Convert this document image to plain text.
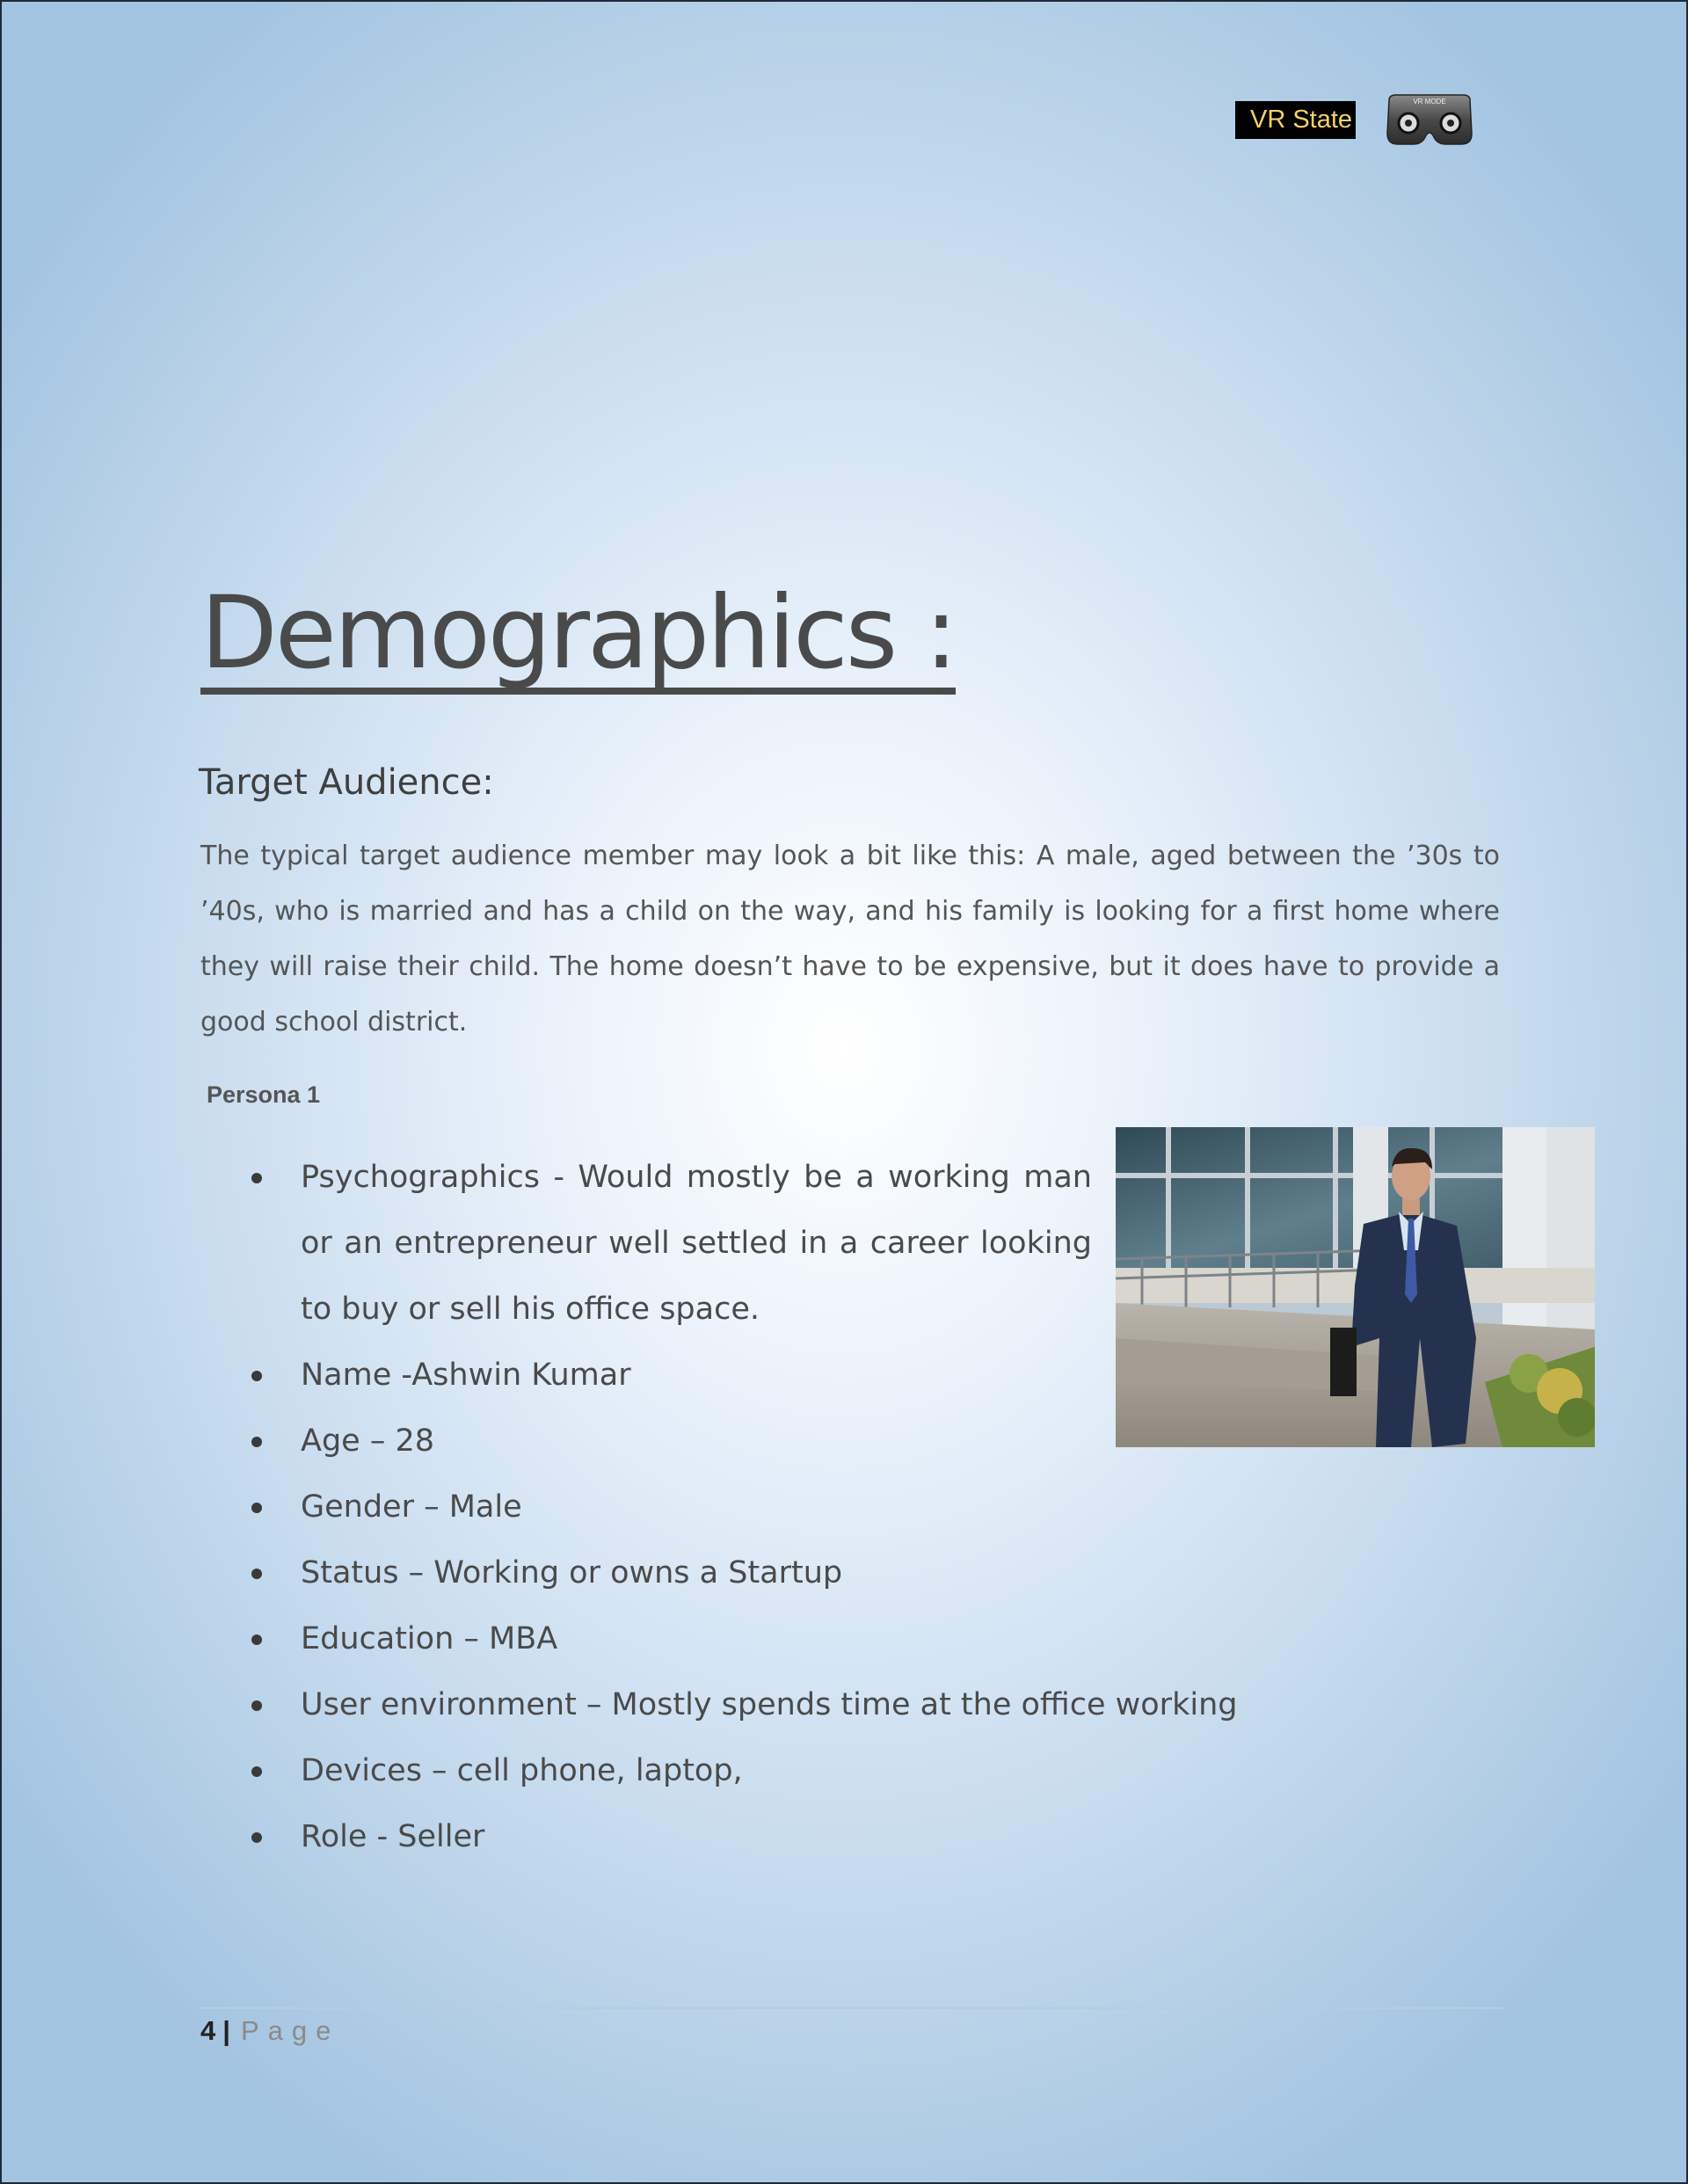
VR State
VR MODE
Demographics :
Target Audience:

The typical target audience member may look a bit like this: A male, aged between the ’30s to ’40s, who is married and has a child on the way, and his family is looking for a first home where they will raise their child. The home doesn’t have to be expensive, but it does have to provide a good school district.

Persona 1
Psychographics - Would mostly be a working man or an entrepreneur well settled in a career looking to buy or sell his office space.
Name -Ashwin Kumar
Age – 28
Gender – Male
Status – Working or owns a Startup
Education – MBA
User environment – Mostly spends time at the office working
Devices – cell phone, laptop,
Role - Seller
4 | Page
